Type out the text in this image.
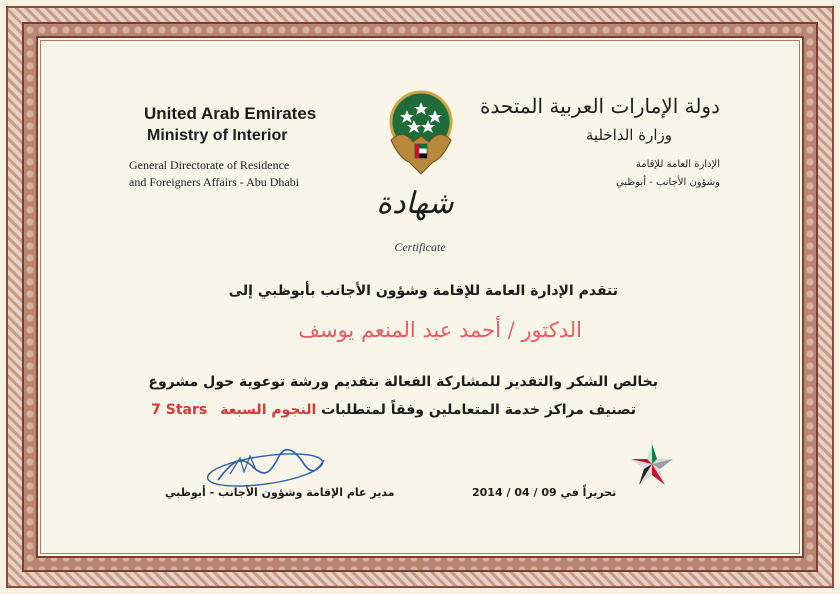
United Arab Emirates
Ministry of Interior
General Directorate of Residence
and Foreigners Affairs - Abu Dhabi
دولة الإمارات العربية المتحدة
وزارة الداخلية
الإدارة العامة للإقامة
وشؤون الأجانب - أبوظبي
شهادة
Certificate
تتقدم الإدارة العامة للإقامة وشؤون الأجانب بأبوظبي إلى
الدكتور / أحمد عبد المنعم يوسف
بخالص الشكر والتقدير للمشاركة الفعالة بتقديم ورشة توعوية حول مشروع
تصنيف مراكز خدمة المتعاملين وفقاً لمتطلبات النجوم السبعة 7 Stars
مدير عام الإقامة وشؤون الأجانب - أبوظبي	تحريراً في 09 / 04 / 2014
